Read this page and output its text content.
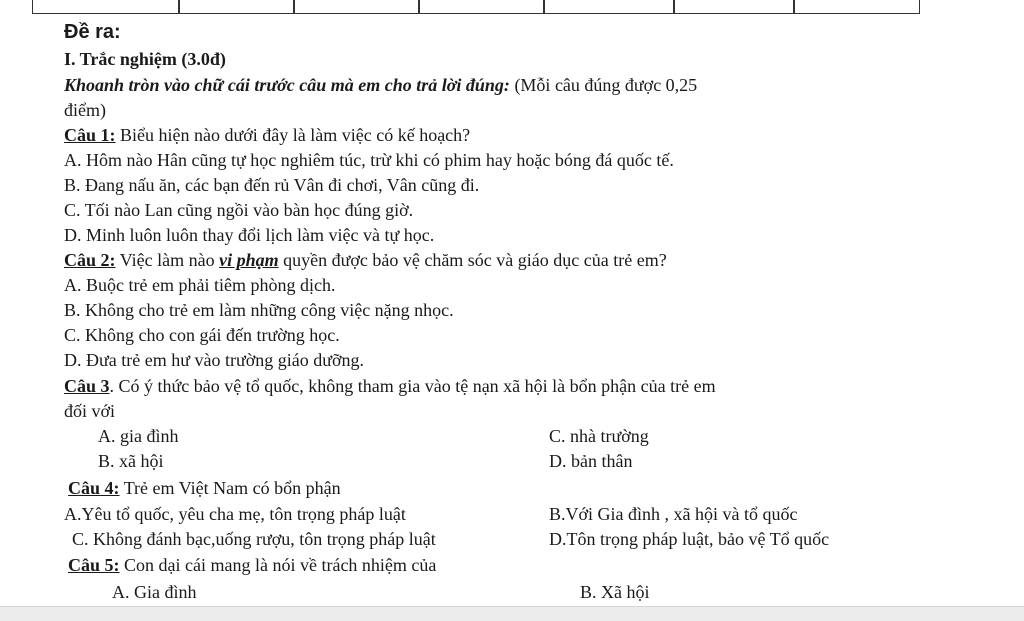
Đề ra:
I. Trắc nghiệm (3.0đ)
Khoanh tròn vào chữ cái trước câu mà em cho trả lời đúng: (Mỗi câu đúng được 0,25
điểm)
Câu 1: Biểu hiện nào dưới đây là làm việc có kế hoạch?
A. Hôm nào Hân cũng tự học nghiêm túc, trừ khi có phim hay hoặc bóng đá quốc tế.
B. Đang nấu ăn, các bạn đến rủ Vân đi chơi, Vân cũng đi.
C. Tối nào Lan cũng ngồi vào bàn học đúng giờ.
D. Minh luôn luôn thay đổi lịch làm việc và tự học.
Câu 2: Việc làm nào vi phạm quyền được bảo vệ chăm sóc và giáo dục của trẻ em?
A. Buộc trẻ em phải tiêm phòng dịch.
B. Không cho trẻ em làm những công việc nặng nhọc.
C. Không cho con gái đến trường học.
D. Đưa trẻ em hư vào trường giáo dưỡng.
Câu 3. Có ý thức bảo vệ tổ quốc, không tham gia vào tệ nạn xã hội là bổn phận của trẻ em
đối với
A. gia đình	C. nhà trường
B. xã hội	D. bản thân
Câu 4: Trẻ em Việt Nam có bổn phận
A.Yêu tổ quốc, yêu cha mẹ, tôn trọng pháp luật	B.Với Gia đình , xã hội và tổ quốc
C. Không đánh bạc,uống rượu, tôn trọng pháp luật	D.Tôn trọng pháp luật, bảo vệ Tổ quốc
Câu 5: Con dại cái mang là nói về trách nhiệm của
A. Gia đình	B. Xã hội
